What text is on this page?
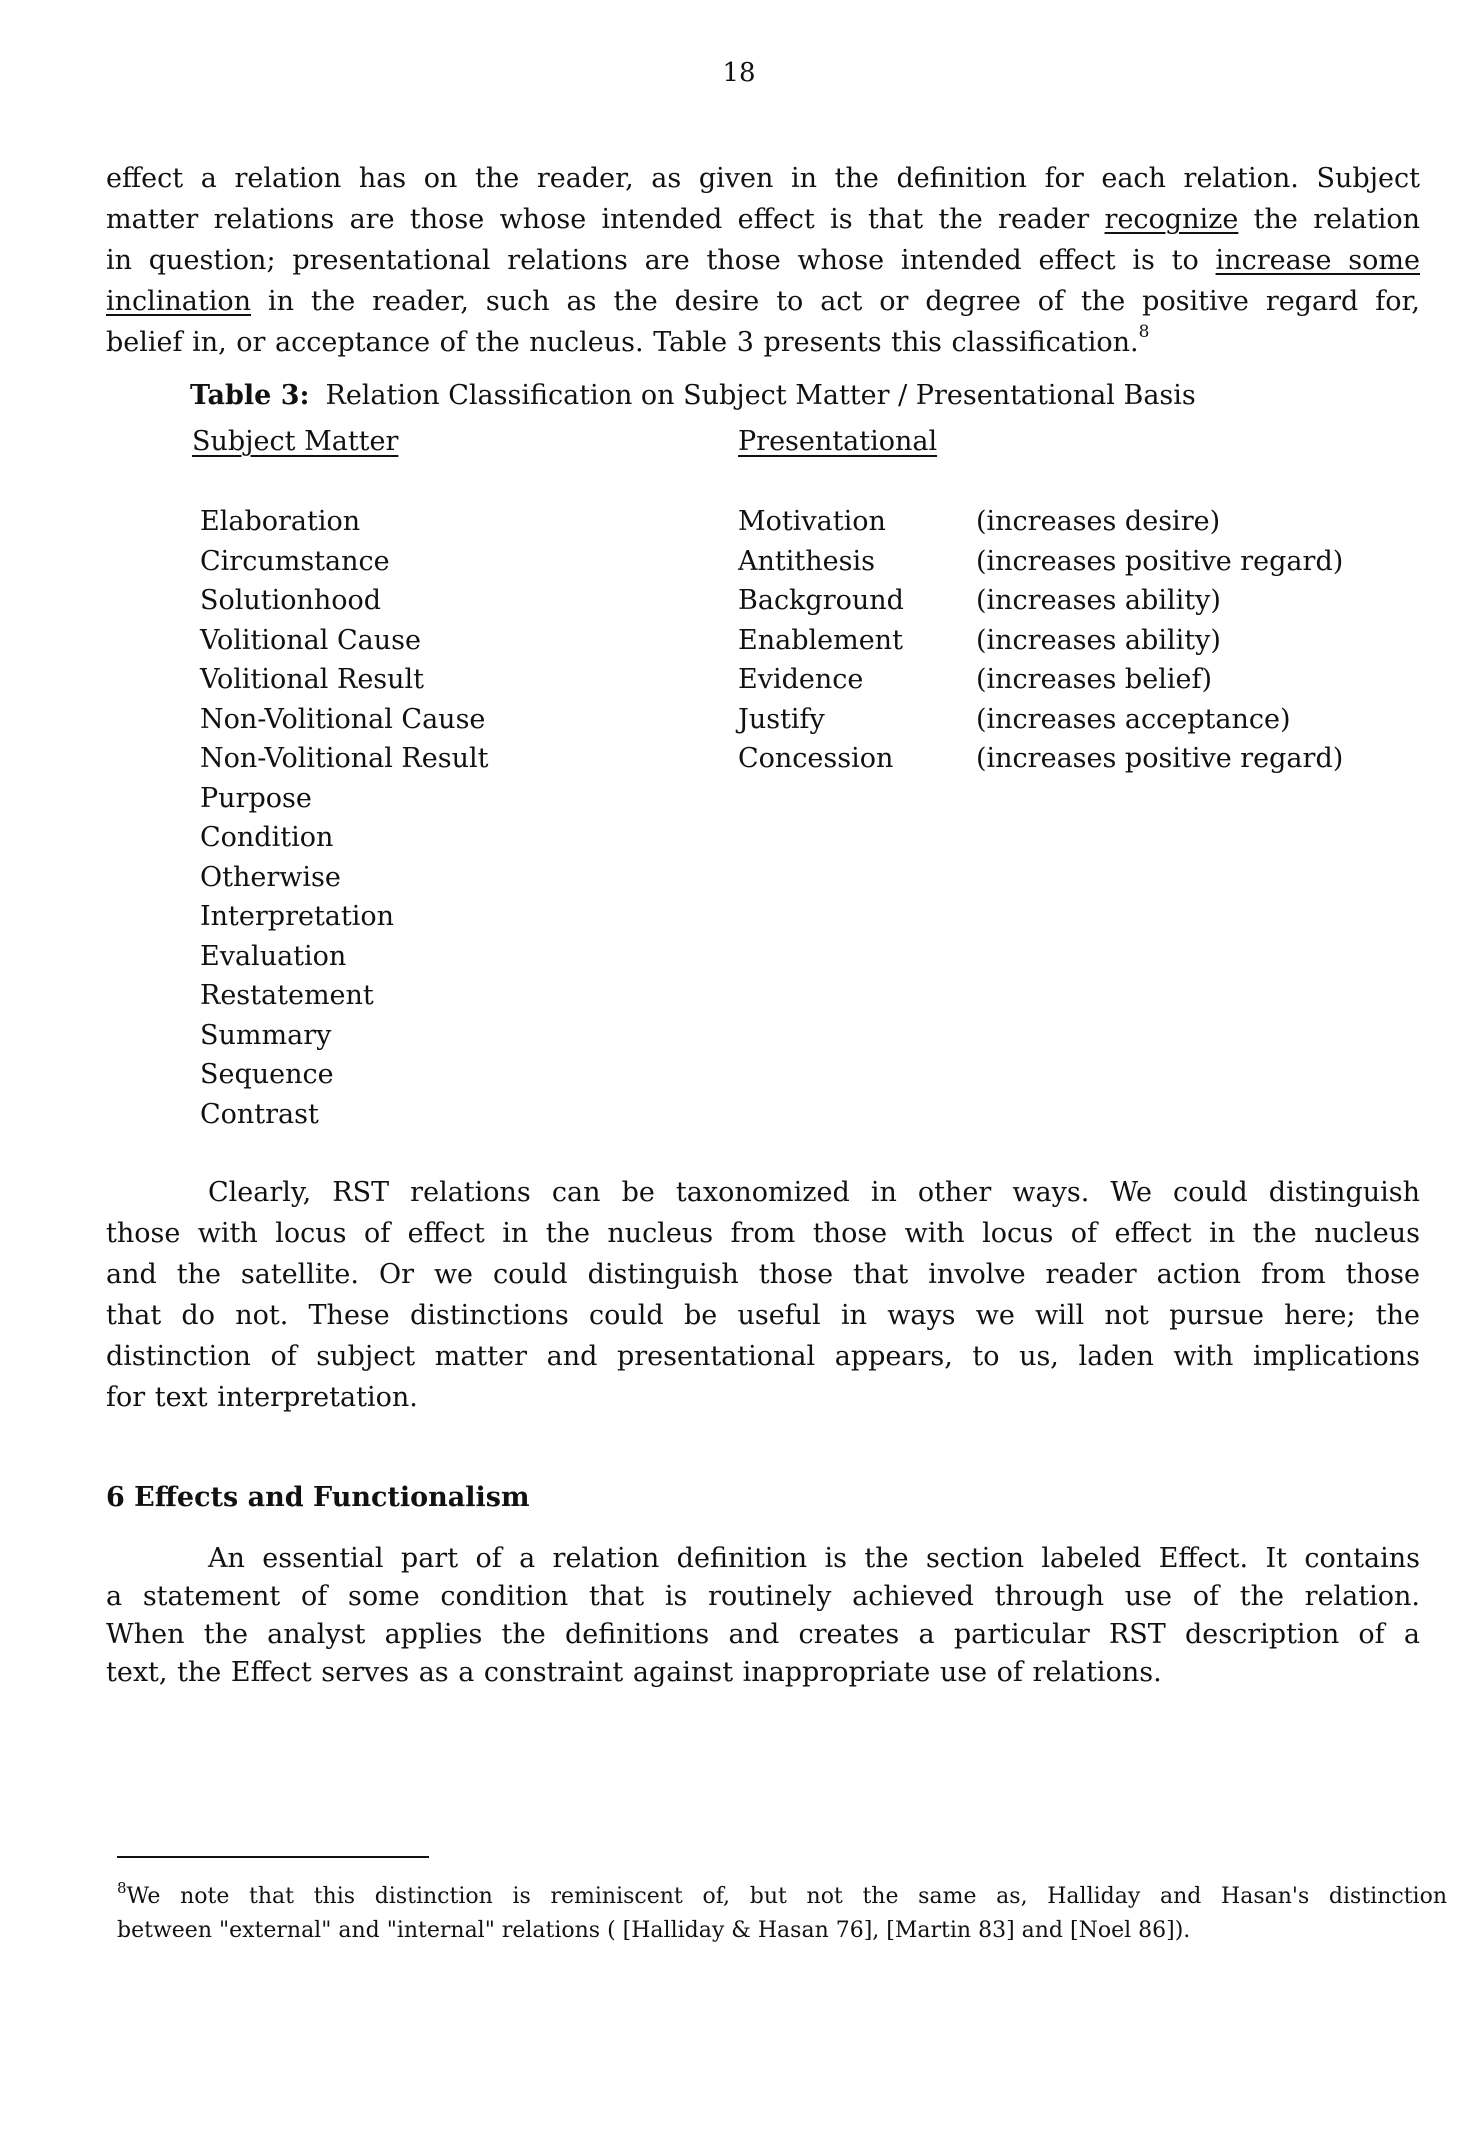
18
effect a relation has on the reader, as given in the definition for each relation. Subject
matter relations are those whose intended effect is that the reader recognize the relation
in question; presentational relations are those whose intended effect is to increase some
inclination in the reader, such as the desire to act or degree of the positive regard for,
belief in, or acceptance of the nucleus. Table 3 presents this classification.$^8$
Table 3: Relation Classification on Subject Matter / Presentational Basis
Subject Matter	Presentational
Elaboration
Circumstance
Solutionhood
Volitional Cause
Volitional Result
Non-Volitional Cause
Non-Volitional Result
Purpose
Condition
Otherwise
Interpretation
Evaluation
Restatement
Summary
Sequence
Contrast
Motivation
Antithesis
Background
Enablement
Evidence
Justify
Concession
(increases desire)
(increases positive regard)
(increases ability)
(increases ability)
(increases belief)
(increases acceptance)
(increases positive regard)
Clearly, RST relations can be taxonomized in other ways. We could distinguish
those with locus of effect in the nucleus from those with locus of effect in the nucleus
and the satellite. Or we could distinguish those that involve reader action from those
that do not. These distinctions could be useful in ways we will not pursue here; the
distinction of subject matter and presentational appears, to us, laden with implications
for text interpretation.
6 Effects and Functionalism
An essential part of a relation definition is the section labeled Effect. It contains
a statement of some condition that is routinely achieved through use of the relation.
When the analyst applies the definitions and creates a particular RST description of a
text, the Effect serves as a constraint against inappropriate use of relations.
$^8$We note that this distinction is reminiscent of, but not the same as, Halliday and Hasan's distinction
between "external" and "internal" relations ( [Halliday & Hasan 76], [Martin 83] and [Noel 86]).
